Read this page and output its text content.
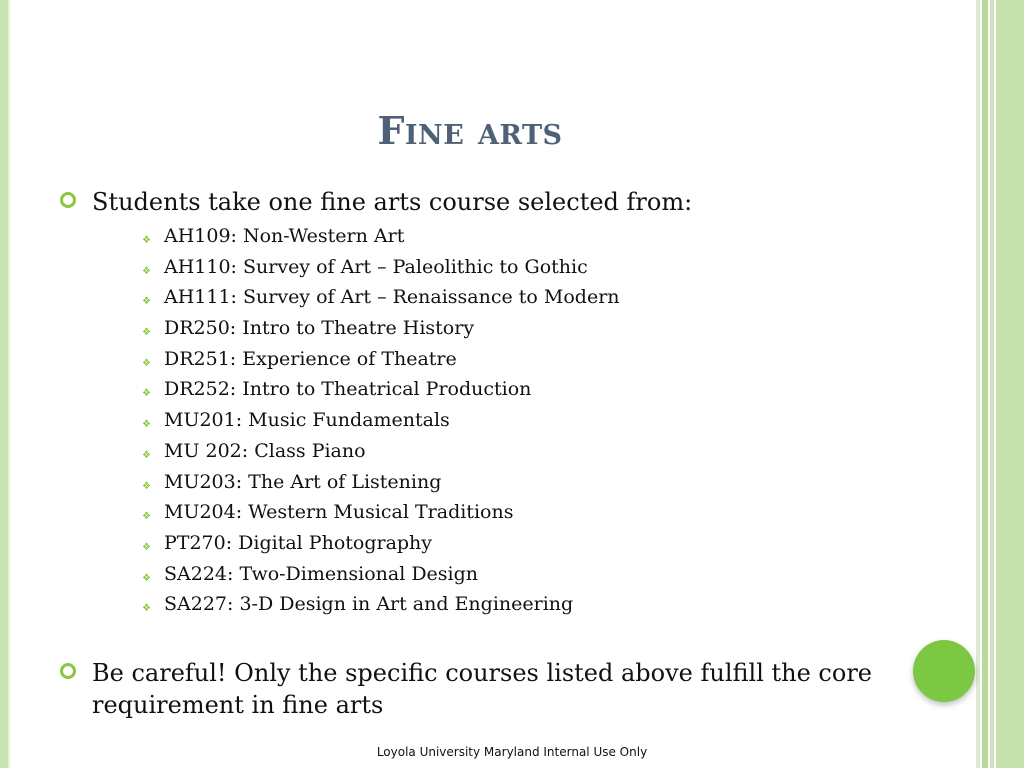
Fine arts
Students take one fine arts course selected from:
❖ AH109: Non-Western Art
❖ AH110: Survey of Art – Paleolithic to Gothic
❖ AH111: Survey of Art – Renaissance to Modern
❖ DR250: Intro to Theatre History
❖ DR251: Experience of Theatre
❖ DR252: Intro to Theatrical Production
❖ MU201: Music Fundamentals
❖ MU 202: Class Piano
❖ MU203: The Art of Listening
❖ MU204: Western Musical Traditions
❖ PT270: Digital Photography
❖ SA224: Two-Dimensional Design
❖ SA227: 3-D Design in Art and Engineering
Be careful! Only the specific courses listed above fulfill the core requirement in fine arts
Loyola University Maryland Internal Use Only
